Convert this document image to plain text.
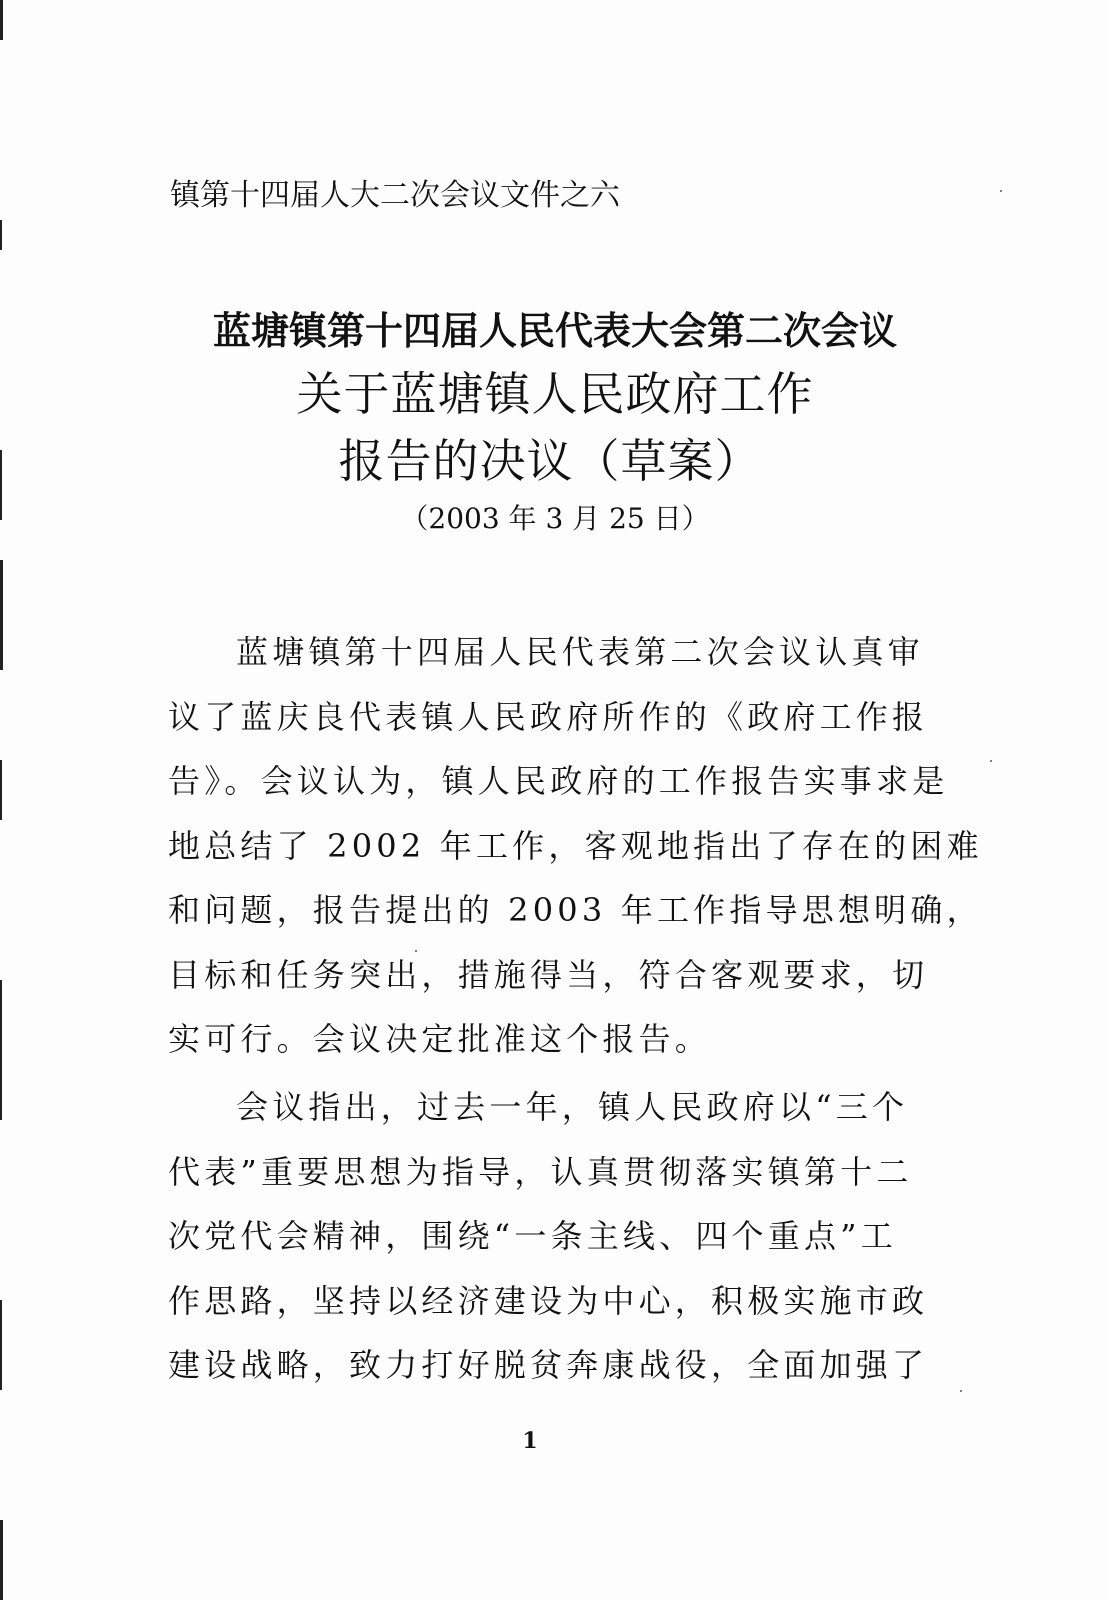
镇第十四届人大二次会议文件之六
蓝塘镇第十四届人民代表大会第二次会议
关于蓝塘镇人民政府工作
报告的决议（草案）
（2003 年 3 月 25 日）
蓝塘镇第十四届人民代表第二次会议认真审
议了蓝庆良代表镇人民政府所作的《政府工作报
告》。会议认为，镇人民政府的工作报告实事求是
地总结了 2002 年工作，客观地指出了存在的困难
和问题，报告提出的 2003 年工作指导思想明确，
目标和任务突出，措施得当，符合客观要求，切
实可行。会议决定批准这个报告。
会议指出，过去一年，镇人民政府以“三个
代表”重要思想为指导，认真贯彻落实镇第十二
次党代会精神，围绕“一条主线、四个重点”工
作思路，坚持以经济建设为中心，积极实施市政
建设战略，致力打好脱贫奔康战役，全面加强了
1
